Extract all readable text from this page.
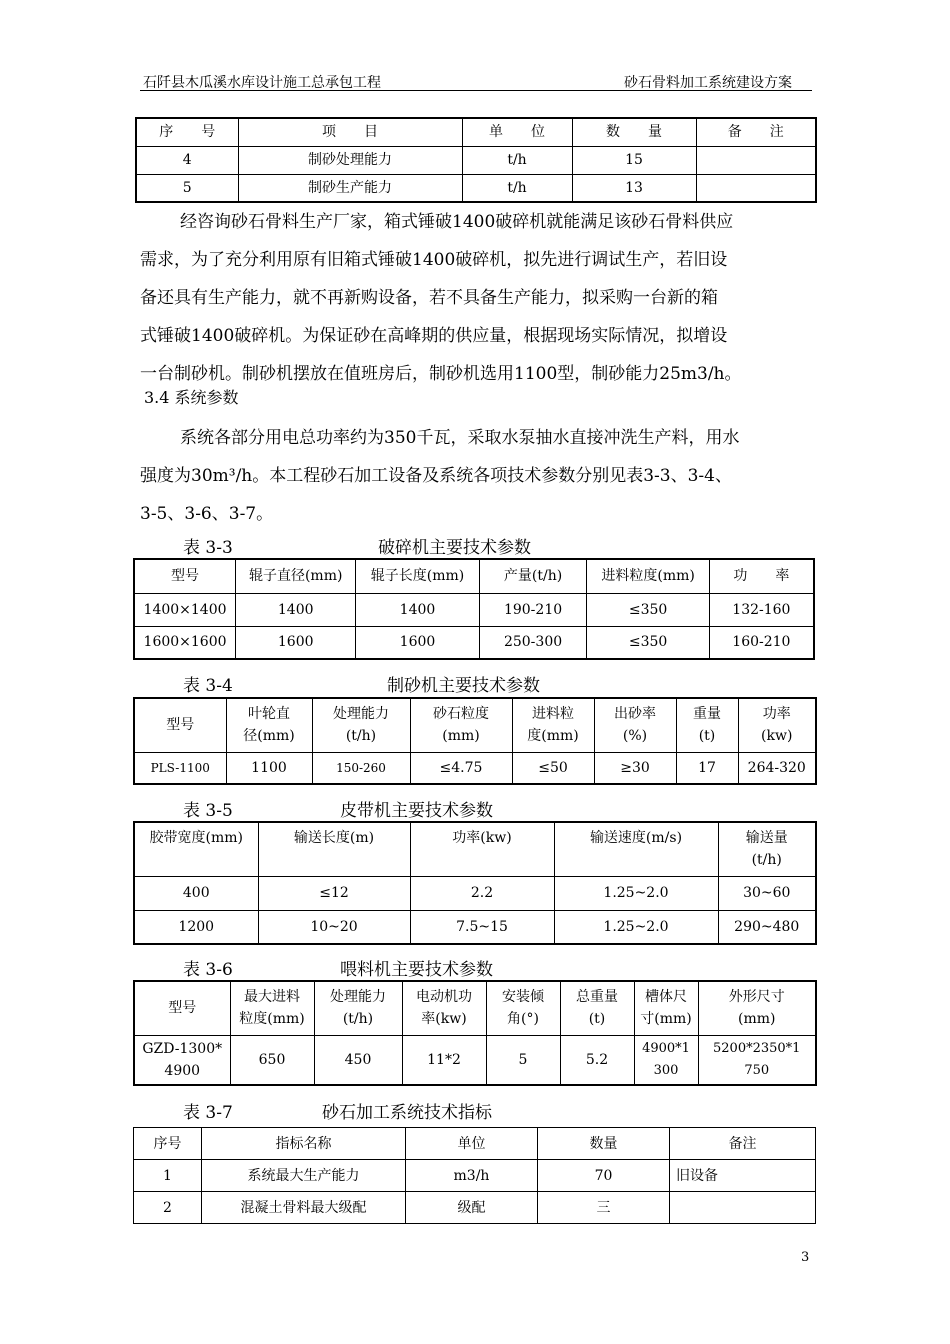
石阡县木瓜溪水库设计施工总承包工程	砂石骨料加工系统建设方案
序　　号	项　　目	单　　位	数　　量	备　　注
4	制砂处理能力	t/h	15	
5	制砂生产能力	t/h	13	
经咨询砂石骨料生产厂家，箱式锤破1400破碎机就能满足该砂石骨料供应
需求，为了充分利用原有旧箱式锤破1400破碎机，拟先进行调试生产，若旧设
备还具有生产能力，就不再新购设备，若不具备生产能力，拟采购一台新的箱
式锤破1400破碎机。为保证砂在高峰期的供应量，根据现场实际情况，拟增设
一台制砂机。制砂机摆放在值班房后，制砂机选用1100型，制砂能力25m3/h。
3.4 系统参数
系统各部分用电总功率约为350千瓦，采取水泵抽水直接冲洗生产料，用水
强度为30m³/h。本工程砂石加工设备及系统各项技术参数分别见表3-3、3-4、
3-5、3-6、3-7。
表 3-3	破碎机主要技术参数
型号	辊子直径(mm)	辊子长度(mm)	产量(t/h)	进料粒度(mm)	功　　率
1400×1400	1400	1400	190-210	≤350	132-160
1600×1600	1600	1600	250-300	≤350	160-210
表 3-4	制砂机主要技术参数
型号	叶轮直
径(mm)	处理能力
(t/h)	砂石粒度
(mm)	进料粒
度(mm)	出砂率
(%)	重量
(t)	功率
(kw)
PLS-1100	1100	150-260	≤4.75	≤50	≥30	17	264-320
表 3-5	皮带机主要技术参数
胶带宽度(mm)	输送长度(m)	功率(kw)	输送速度(m/s)	输送量
(t/h)
400	≤12	2.2	1.25~2.0	30~60
1200	10~20	7.5~15	1.25~2.0	290~480
表 3-6	喂料机主要技术参数
型号	最大进料
粒度(mm)	处理能力
(t/h)	电动机功
率(kw)	安装倾
角(°)	总重量
(t)	槽体尺
寸(mm)	外形尺寸
(mm)
GZD-1300*
4900	650	450	11*2	5	5.2	4900*1
300	5200*2350*1
750
表 3-7	砂石加工系统技术指标
序号	指标名称	单位	数量	备注
1	系统最大生产能力	m3/h	70	旧设备
2	混凝土骨料最大级配	级配	三	
3
